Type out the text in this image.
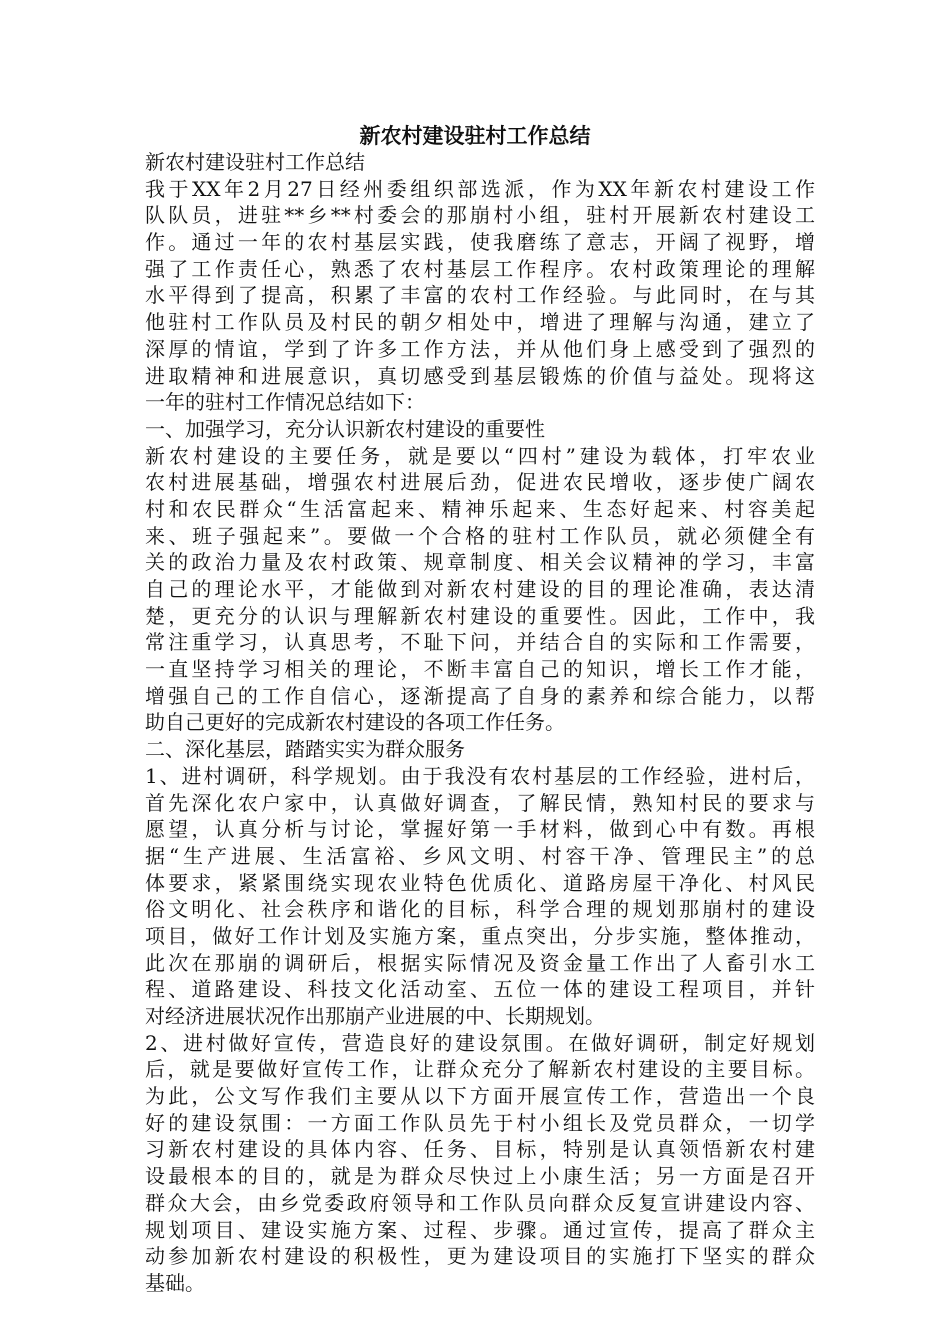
新农村建设驻村工作总结
新农村建设驻村工作总结
我于XX年2月27日经州委组织部选派，作为XX年新农村建设工作
队队员，进驻**乡**村委会的那崩村小组，驻村开展新农村建设工
作。通过一年的农村基层实践，使我磨练了意志，开阔了视野，增
强了工作责任心，熟悉了农村基层工作程序。农村政策理论的理解
水平得到了提高，积累了丰富的农村工作经验。与此同时，在与其
他驻村工作队员及村民的朝夕相处中，增进了理解与沟通，建立了
深厚的情谊，学到了许多工作方法，并从他们身上感受到了强烈的
进取精神和进展意识，真切感受到基层锻炼的价值与益处。现将这
一年的驻村工作情况总结如下：
一、加强学习，充分认识新农村建设的重要性
新农村建设的主要任务，就是要以“四村”建设为载体，打牢农业
农村进展基础，增强农村进展后劲，促进农民增收，逐步使广阔农
村和农民群众“生活富起来、精神乐起来、生态好起来、村容美起
来、班子强起来”。要做一个合格的驻村工作队员，就必须健全有
关的政治力量及农村政策、规章制度、相关会议精神的学习，丰富
自己的理论水平，才能做到对新农村建设的目的理论准确，表达清
楚，更充分的认识与理解新农村建设的重要性。因此，工作中，我
常注重学习，认真思考，不耻下问，并结合自的实际和工作需要，
一直坚持学习相关的理论，不断丰富自己的知识，增长工作才能，
增强自己的工作自信心，逐渐提高了自身的素养和综合能力，以帮
助自己更好的完成新农村建设的各项工作任务。
二、深化基层，踏踏实实为群众服务
1、进村调研，科学规划。由于我没有农村基层的工作经验，进村后，
首先深化农户家中，认真做好调查，了解民情，熟知村民的要求与
愿望，认真分析与讨论，掌握好第一手材料，做到心中有数。再根
据“生产进展、生活富裕、乡风文明、村容干净、管理民主”的总
体要求，紧紧围绕实现农业特色优质化、道路房屋干净化、村风民
俗文明化、社会秩序和谐化的目标，科学合理的规划那崩村的建设
项目，做好工作计划及实施方案，重点突出，分步实施，整体推动，
此次在那崩的调研后，根据实际情况及资金量工作出了人畜引水工
程、道路建设、科技文化活动室、五位一体的建设工程项目，并针
对经济进展状况作出那崩产业进展的中、长期规划。
2、进村做好宣传，营造良好的建设氛围。在做好调研，制定好规划
后，就是要做好宣传工作，让群众充分了解新农村建设的主要目标。
为此，公文写作我们主要从以下方面开展宣传工作，营造出一个良
好的建设氛围：一方面工作队员先于村小组长及党员群众，一切学
习新农村建设的具体内容、任务、目标，特别是认真领悟新农村建
设最根本的目的，就是为群众尽快过上小康生活；另一方面是召开
群众大会，由乡党委政府领导和工作队员向群众反复宣讲建设内容、
规划项目、建设实施方案、过程、步骤。通过宣传，提高了群众主
动参加新农村建设的积极性，更为建设项目的实施打下坚实的群众
基础。
